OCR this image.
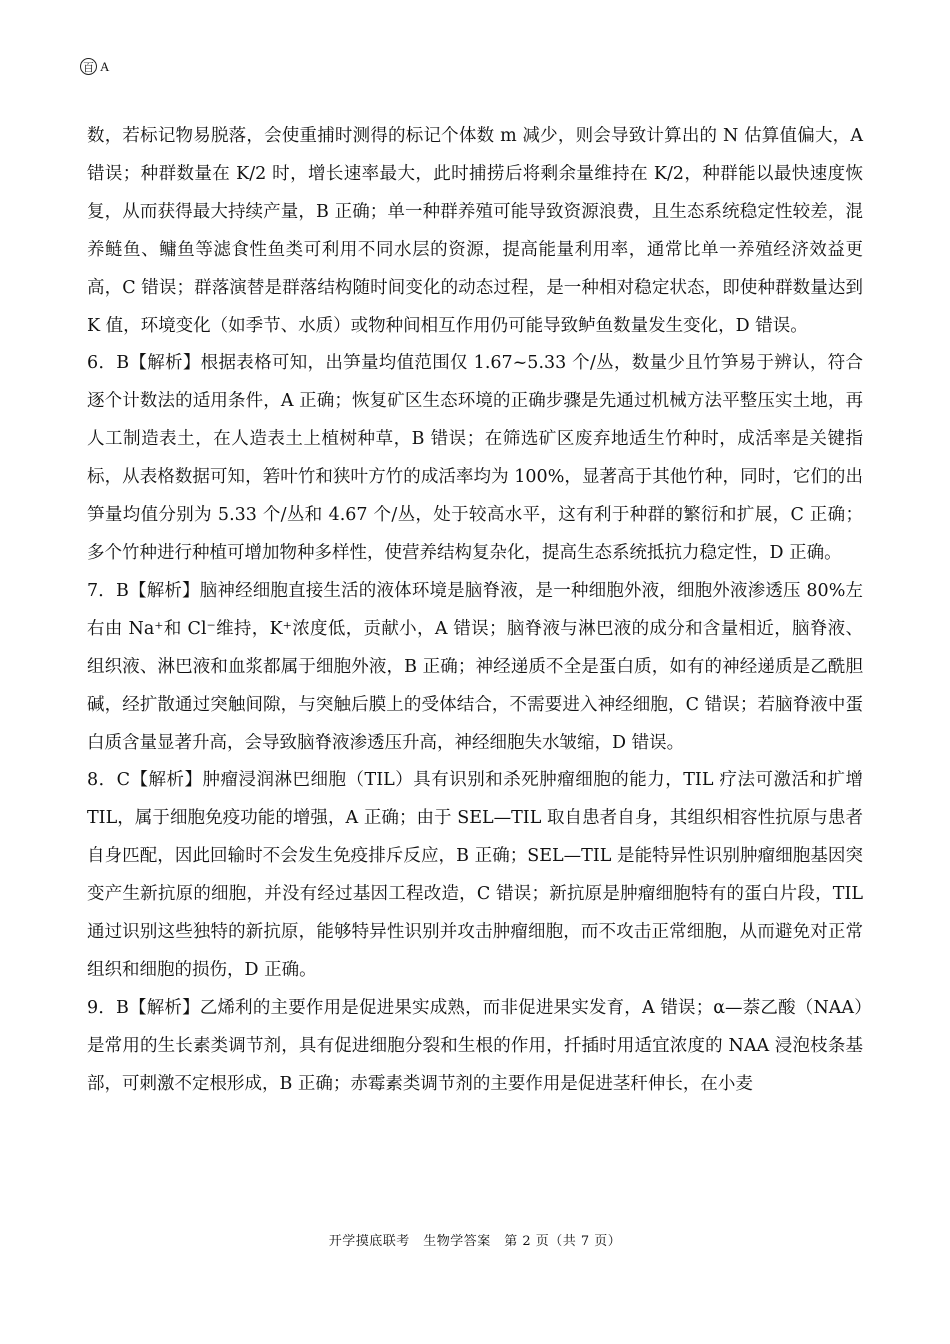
百 A

数，若标记物易脱落，会使重捕时测得的标记个体数 m 减少，则会导致计算出的 N 估算值偏大，A 错误；种群数量在 K/2 时，增长速率最大，此时捕捞后将剩余量维持在 K/2，种群能以最快速度恢复，从而获得最大持续产量，B 正确；单一种群养殖可能导致资源浪费，且生态系统稳定性较差，混养鲢鱼、鳙鱼等滤食性鱼类可利用不同水层的资源，提高能量利用率，通常比单一养殖经济效益更高，C 错误；群落演替是群落结构随时间变化的动态过程，是一种相对稳定状态，即使种群数量达到 K 值，环境变化（如季节、水质）或物种间相互作用仍可能导致鲈鱼数量发生变化，D 错误。

6．B【解析】根据表格可知，出笋量均值范围仅 1.67~5.33 个/丛，数量少且竹笋易于辨认，符合逐个计数法的适用条件，A 正确；恢复矿区生态环境的正确步骤是先通过机械方法平整压实土地，再人工制造表土，在人造表土上植树种草，B 错误；在筛选矿区废弃地适生竹种时，成活率是关键指标，从表格数据可知，箬叶竹和狭叶方竹的成活率均为 100%，显著高于其他竹种，同时，它们的出笋量均值分别为 5.33 个/丛和 4.67 个/丛，处于较高水平，这有利于种群的繁衍和扩展，C 正确；多个竹种进行种植可增加物种多样性，使营养结构复杂化，提高生态系统抵抗力稳定性，D 正确。

7．B【解析】脑神经细胞直接生活的液体环境是脑脊液，是一种细胞外液，细胞外液渗透压 80%左右由 Na⁺和 Cl⁻维持，K⁺浓度低，贡献小，A 错误；脑脊液与淋巴液的成分和含量相近，脑脊液、组织液、淋巴液和血浆都属于细胞外液，B 正确；神经递质不全是蛋白质，如有的神经递质是乙酰胆碱，经扩散通过突触间隙，与突触后膜上的受体结合，不需要进入神经细胞，C 错误；若脑脊液中蛋白质含量显著升高，会导致脑脊液渗透压升高，神经细胞失水皱缩，D 错误。

8．C【解析】肿瘤浸润淋巴细胞（TIL）具有识别和杀死肿瘤细胞的能力，TIL 疗法可激活和扩增 TIL，属于细胞免疫功能的增强，A 正确；由于 SEL—TIL 取自患者自身，其组织相容性抗原与患者自身匹配，因此回输时不会发生免疫排斥反应，B 正确；SEL—TIL 是能特异性识别肿瘤细胞基因突变产生新抗原的细胞，并没有经过基因工程改造，C 错误；新抗原是肿瘤细胞特有的蛋白片段，TIL 通过识别这些独特的新抗原，能够特异性识别并攻击肿瘤细胞，而不攻击正常细胞，从而避免对正常组织和细胞的损伤，D 正确。

9．B【解析】乙烯利的主要作用是促进果实成熟，而非促进果实发育，A 错误；α—萘乙酸（NAA）是常用的生长素类调节剂，具有促进细胞分裂和生根的作用，扦插时用适宜浓度的 NAA 浸泡枝条基部，可刺激不定根形成，B 正确；赤霉素类调节剂的主要作用是促进茎秆伸长，在小麦

开学摸底联考　生物学答案　第 2 页（共 7 页）
